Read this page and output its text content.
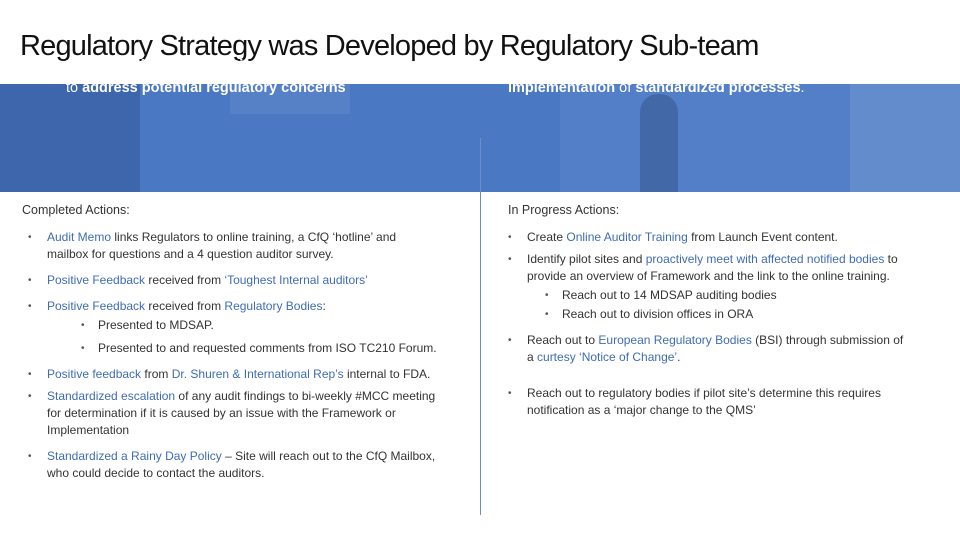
Regulatory Strategy was Developed by Regulatory Sub-team
Team identified both Reactive and Proactive actions
to address potential regulatory concerns
Team has begun review with stakeholders &
implementation of standardized processes.
Completed Actions:	In Progress Actions:
• Audit Memo links Regulators to online training, a CfQ ‘hotline’ and mailbox for questions and a 4 question auditor survey.
• Positive Feedback received from ‘Toughest Internal auditors’
• Positive Feedback received from Regulatory Bodies:
• Presented to MDSAP.
• Presented to and requested comments from ISO TC210 Forum.
• Positive feedback from Dr. Shuren & International Rep’s internal to FDA.
• Standardized escalation of any audit findings to bi-weekly #MCC meeting for determination if it is caused by an issue with the Framework or Implementation
• Standardized a Rainy Day Policy – Site will reach out to the CfQ Mailbox, who could decide to contact the auditors.
• Create Online Auditor Training from Launch Event content.
• Identify pilot sites and proactively meet with affected notified bodies to provide an overview of Framework and the link to the online training.
• Reach out to 14 MDSAP auditing bodies
• Reach out to division offices in ORA
• Reach out to European Regulatory Bodies (BSI) through submission of a curtesy ‘Notice of Change’.
• Reach out to regulatory bodies if pilot site’s determine this requires notification as a ‘major change to the QMS’
